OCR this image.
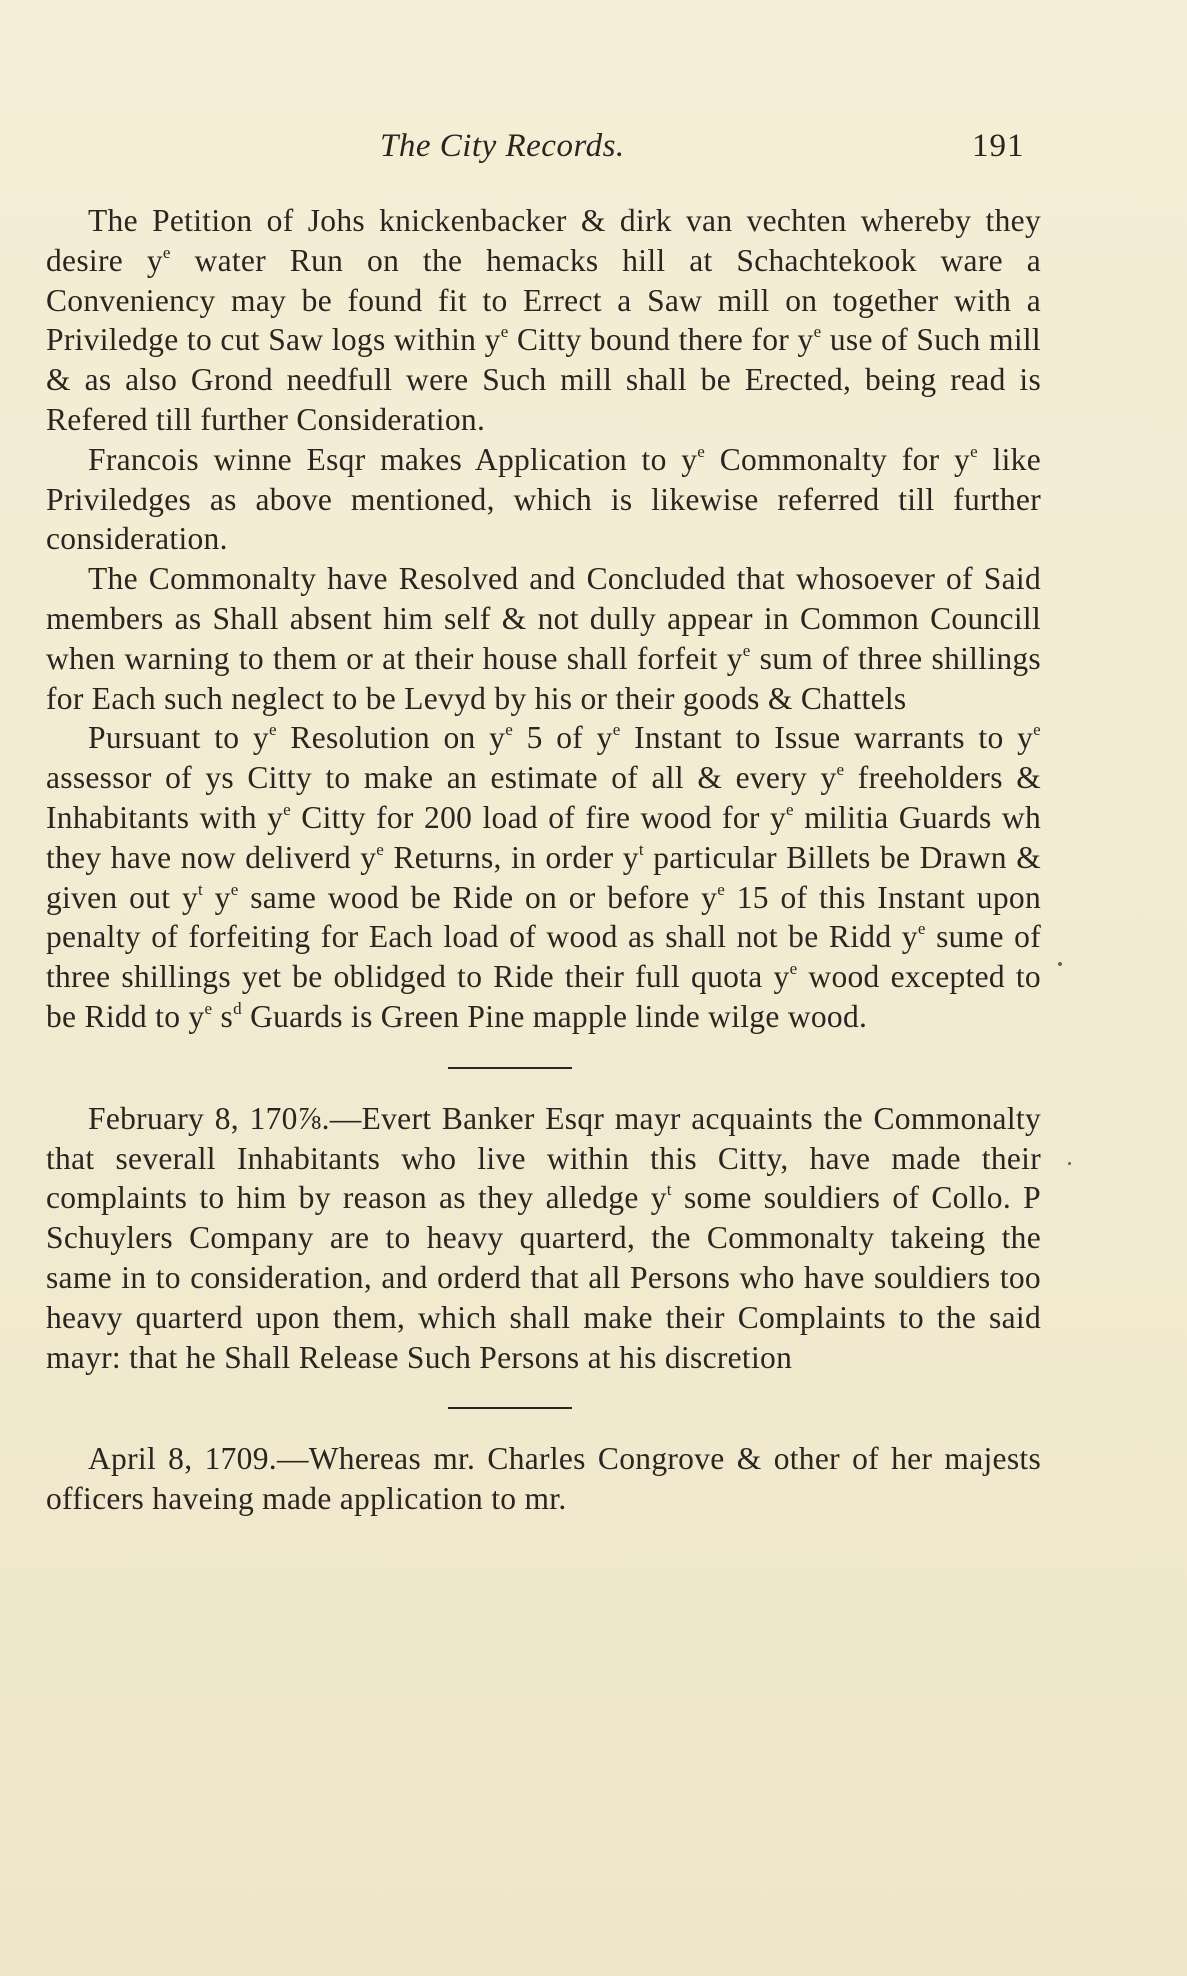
The City Records.	191

The Petition of Johs knickenbacker & dirk van vechten whereby they desire $y^e$ water Run on the hemacks hill at Schachtekook ware a Conveniency may be found fit to Errect a Saw mill on together with a Priviledge to cut Saw logs within $y^e$ Citty bound there for $y^e$ use of Such mill & as also Grond needfull were Such mill shall be Erected, being read is Refered till further Consideration.

Francois winne Esqr makes Application to $y^e$ Commonalty for $y^e$ like Priviledges as above mentioned, which is likewise referred till further consideration.

The Commonalty have Resolved and Concluded that whosoever of Said members as Shall absent him self & not dully appear in Common Councill when warning to them or at their house shall forfeit $y^e$ sum of three shillings for Each such neglect to be Levyd by his or their goods & Chattels

Pursuant to $y^e$ Resolution on $y^e$ 5 of $y^e$ Instant to Issue warrants to $y^e$ assessor of ys Citty to make an estimate of all & every $y^e$ freeholders & Inhabitants with $y^e$ Citty for 200 load of fire wood for $y^e$ militia Guards wh they have now deliverd $y^e$ Returns, in order $y^t$ particular Billets be Drawn & given out $y^t$ $y^e$ same wood be Ride on or before $y^e$ 15 of this Instant upon penalty of forfeiting for Each load of wood as shall not be Ridd $y^e$ sume of three shillings yet be oblidged to Ride their full quota $y^e$ wood excepted to be Ridd to $y^e$ $s^d$ Guards is Green Pine mapple linde wilge wood.

February 8, 170⅞.—Evert Banker Esqr mayr acquaints the Commonalty that severall Inhabitants who live within this Citty, have made their complaints to him by reason as they alledge $y^t$ some souldiers of Collo. P Schuylers Company are to heavy quarterd, the Commonalty takeing the same in to consideration, and orderd that all Persons who have souldiers too heavy quarterd upon them, which shall make their Complaints to the said mayr: that he Shall Release Such Persons at his discretion

April 8, 1709.—Whereas mr. Charles Congrove & other of her majests officers haveing made application to mr.
